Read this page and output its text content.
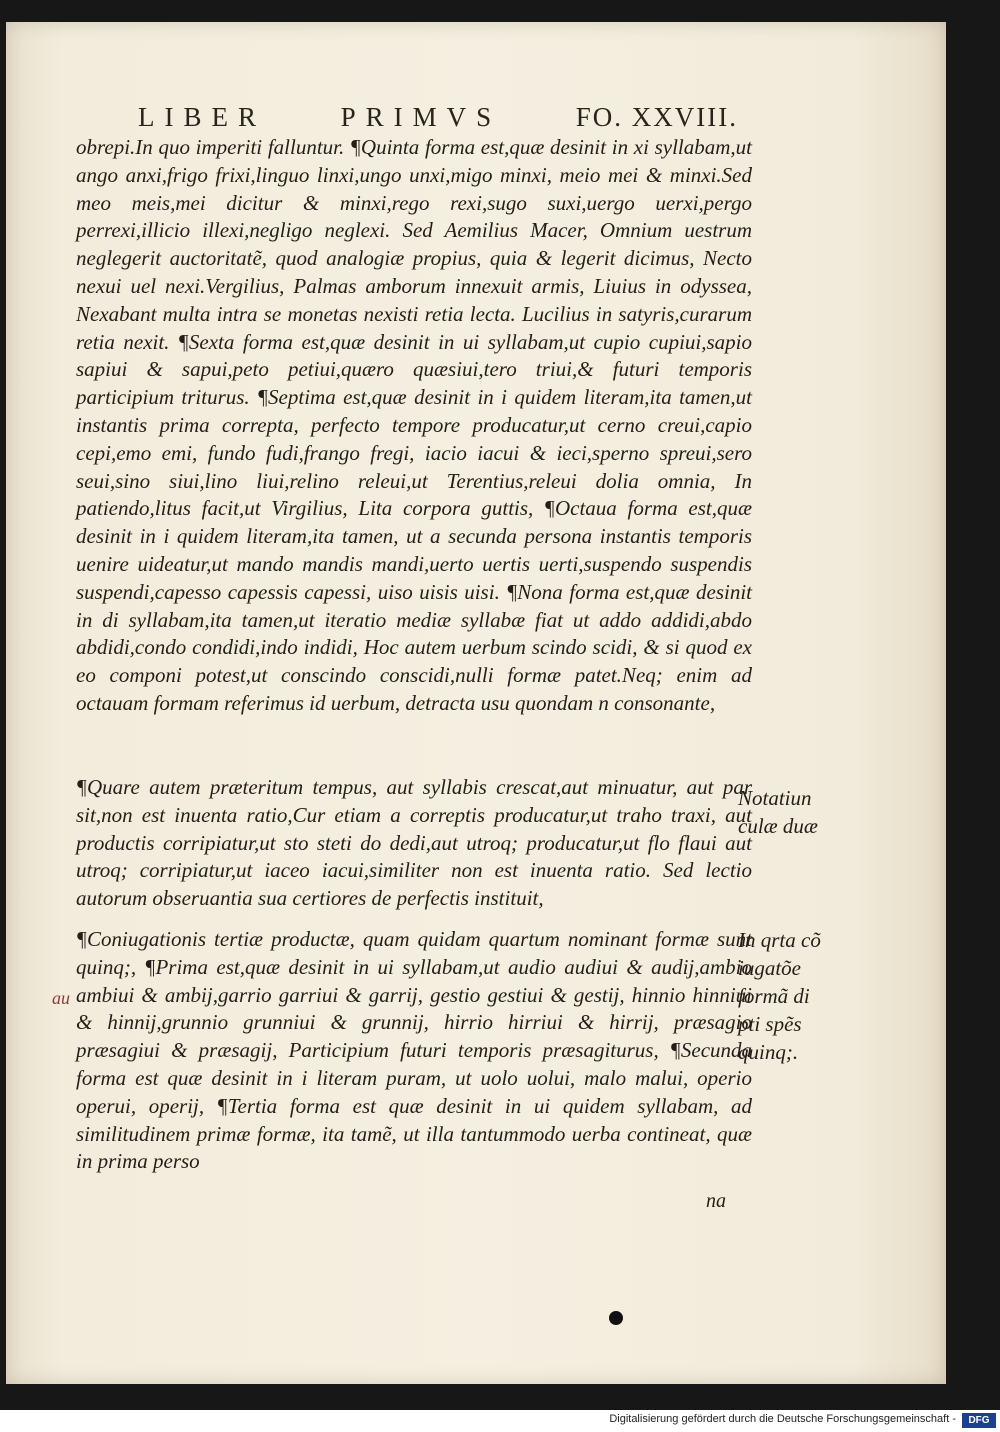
LIBER	PRIMVS	FO. XXVIII.

obrepi.In quo imperiti falluntur. ¶Quinta forma est,quæ desinit in xi syllabam,ut ango anxi,frigo frixi,linguo linxi,ungo unxi,migo minxi, meio mei & minxi.Sed meo meis,mei dicitur & minxi,rego rexi,sugo suxi,uergo uerxi,pergo perrexi,illicio illexi,negligo neglexi. Sed Aemilius Macer, Omnium uestrum neglegerit auctoritatẽ, quod analogiæ propius, quia & legerit dicimus, Necto nexui uel nexi.Vergilius, Palmas amborum innexuit armis, Liuius in odyssea, Nexabant multa intra se monetas nexisti retia lecta. Lucilius in satyris,curarum retia nexit. ¶Sexta forma est,quæ desinit in ui syllabam,ut cupio cupiui,sapio sapiui & sapui,peto petiui,quæro quæsiui,tero triui,& futuri temporis participium triturus. ¶Septima est,quæ desinit in i quidem literam,ita tamen,ut instantis prima correpta, perfecto tempore producatur,ut cerno creui,capio cepi,emo emi, fundo fudi,frango fregi, iacio iacui & ieci,sperno spreui,sero seui,sino siui,lino liui,relino releui,ut Terentius,releui dolia omnia, In patiendo,litus facit,ut Virgilius, Lita corpora guttis, ¶Octaua forma est,quæ desinit in i quidem literam,ita tamen, ut a secunda persona instantis temporis uenire uideatur,ut mando mandis mandi,uerto uertis uerti,suspendo suspendis suspendi,capesso capessis capessi, uiso uisis uisi. ¶Nona forma est,quæ desinit in di syllabam,ita tamen,ut iteratio mediæ syllabæ fiat ut addo addidi,abdo abdidi,condo condidi,indo indidi, Hoc autem uerbum scindo scidi, & si quod ex eo componi potest,ut conscindo conscidi,nulli formæ patet.Neq; enim ad octauam formam referimus id uerbum, detracta usu quondam n consonante,

¶Quare autem præteritum tempus, aut syllabis crescat,aut minuatur, aut par sit,non est inuenta ratio,Cur etiam a correptis producatur,ut traho traxi, aut productis corripiatur,ut sto steti do dedi,aut utroq; producatur,ut flo flaui aut utroq; corripiatur,ut iaceo iacui,similiter non est inuenta ratio. Sed lectio autorum obseruantia sua certiores de perfectis instituit,

¶Coniugationis tertiæ productæ, quam quidam quartum nominant formæ sunt quinq;, ¶Prima est,quæ desinit in ui syllabam,ut audio audiui & audij,ambio ambiui & ambij,garrio garriui & garrij, gestio gestiui & gestij, hinnio hinniui & hinnij,grunnio grunniui & grunnij, hirrio hirriui & hirrij, præsagio præsagiui & præsagij, Participium futuri temporis præsagiturus, ¶Secunda forma est quæ desinit in i literam puram, ut uolo uolui, malo malui, operio operui, operij, ¶Tertia forma est quæ desinit in ui quidem syllabam, ad similitudinem primæ formæ, ita tamẽ, ut illa tantummodo uerba contineat, quæ in prima perso

Notatiun
culæ duæ
In qrta cõ
iugatõe
formã di
pti spẽs
quinq;.
au
na
Digitalisierung gefördert durch die Deutsche Forschungsgemeinschaft -	DFG
